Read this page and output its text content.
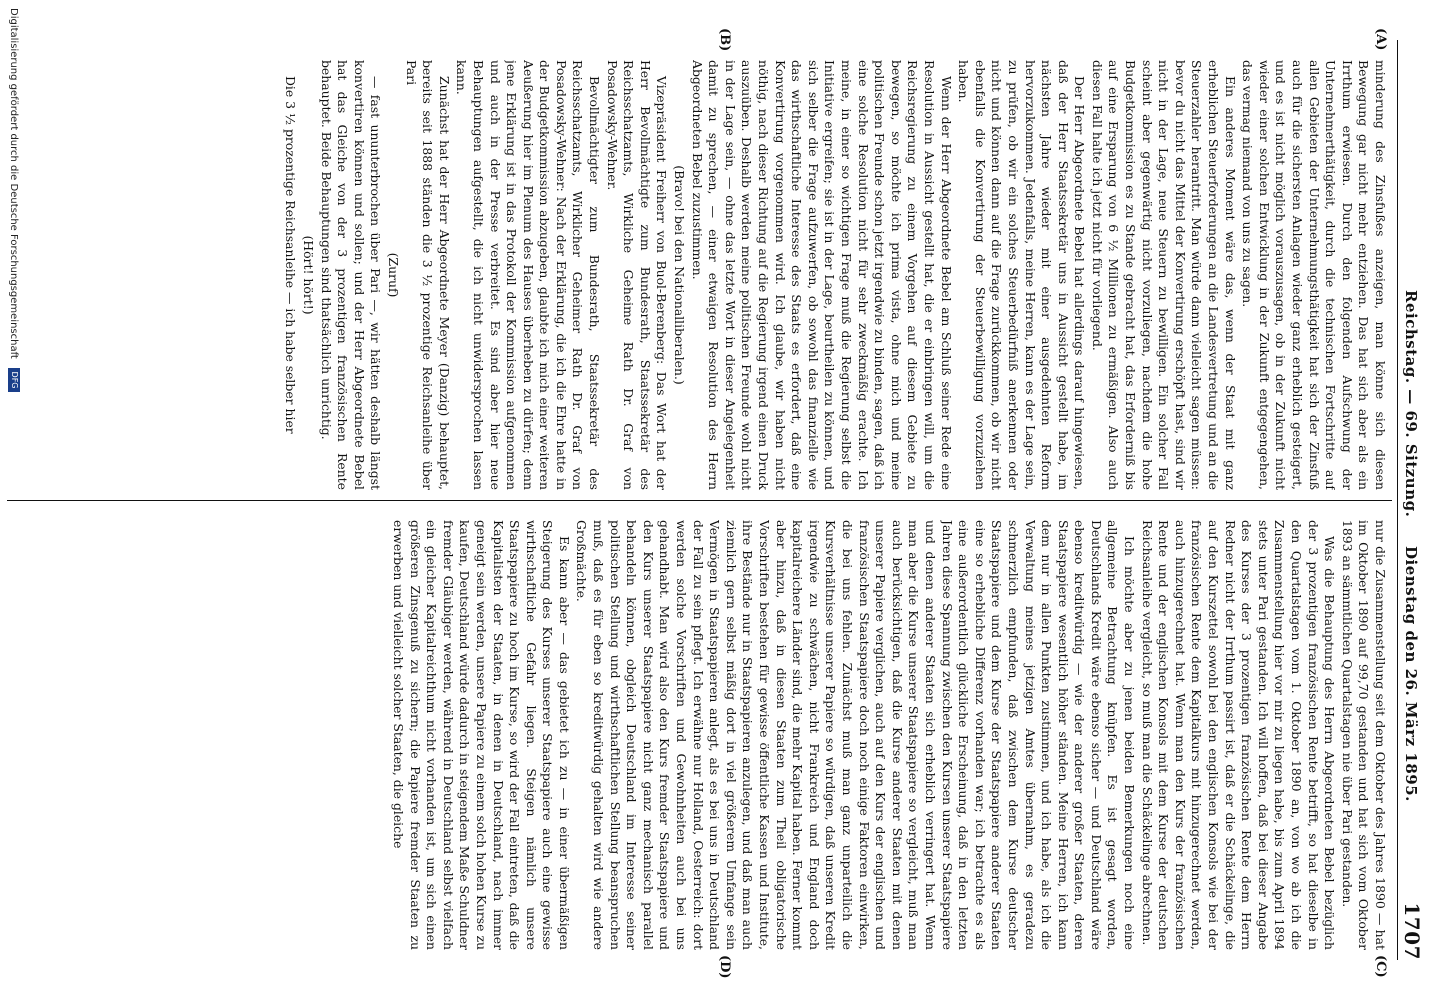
Reichstag. — 69. Sitzung.
Dienstag den 26. März 1895.
1707
(A)
(B)
(C)
(D)

minderung des Zinsfußes anzeigen, man könne sich diesen Bewegung gar nicht mehr entziehen. Das hat sich aber als ein Irrthum erwiesen. Durch den folgenden Aufschwung der Unternehmerthätigkeit, durch die technischen Fortschritte auf allen Gebieten der Unternehmungsthätigkeit hat sich der Zinsfuß auch für die sichersten Anlagen wieder ganz erheblich gesteigert, und es ist nicht möglich vorauszusagen, ob in der Zukunft nicht wieder einer solchen Entwicklung in der Zukunft entgegengehen, das vermag niemand von uns zu sagen.

Ein anderes Moment wäre das, wenn der Staat mit ganz erheblichen Steuerforderungen an die Landesvertretung und an die Steuerzahler herantritt. Man würde dann vielleicht sagen müssen: bevor du nicht das Mittel der Konvertirung erschöpft hast, sind wir nicht in der Lage, neue Steuern zu bewilligen. Ein solcher Fall scheint aber gegenwärtig nicht vorzuliegen, nachdem die hohe Budgetkommission es zu Stande gebracht hat, das Erforderniß bis auf eine Ersparung von 6 ½ Millionen zu ermäßigen. Also auch diesen Fall halte ich jetzt nicht für vorliegend.

Der Herr Abgeordnete Bebel hat allerdings darauf hingewiesen, daß der Herr Staatssekretär uns in Aussicht gestellt habe, im nächsten Jahre wieder mit einer ausgedehnten Reform hervorzukommen. Jedenfalls, meine Herren, kann es der Lage sein, zu prüfen, ob wir ein solches Steuerbedürfniß anerkennen oder nicht und können dann auf die Frage zurückkommen, ob wir nicht ebenfalls die Konvertirung der Steuerbewilligung vorzuziehen haben.

Wenn der Herr Abgeordnete Bebel am Schluß seiner Rede eine Resolution in Aussicht gestellt hat, die er einbringen will, um die Reichsregierung zu einem Vorgehen auf diesem Gebiete zu bewegen, so möchte ich prima vista, ohne mich und meine politischen Freunde schon jetzt irgendwie zu binden, sagen, daß ich eine solche Resolution nicht für sehr zweckmäßig erachte. Ich meine, in einer so wichtigen Frage muß die Regierung selbst die Initiative ergreifen; sie ist in der Lage, beurtheilen zu können, und sich selber die Frage aufzuwerfen, ob sowohl das finanzielle wie das wirthschaftliche Interesse des Staats es erfordert, daß eine Konvertirung vorgenommen wird. Ich glaube, wir haben nicht nöthig, nach dieser Richtung auf die Regierung irgend einen Druck auszuüben. Deshalb werden meine politischen Freunde wohl nicht in der Lage sein, — ohne das letzte Wort in dieser Angelegenheit damit zu sprechen, — einer etwaigen Resolution des Herrn Abgeordneten Bebel zuzustimmen.

(Bravo! bei den Nationalliberalen.)

Vizepräsident Freiherr von Buol-Berenberg: Das Wort hat der Herr Bevollmächtigte zum Bundesrath, Staatssekretär des Reichsschatzamts, Wirkliche Geheime Rath Dr. Graf von Posadowsky-Wehner.

Bevollmächtigter zum Bundesrath, Staatssekretär des Reichsschatzamts, Wirklicher Geheimer Rath Dr. Graf von Posadowsky-Wehner: Nach der Erklärung, die ich die Ehre hatte in der Budgetkommission abzugeben, glaubte ich mich einer weiteren Aeußerung hier im Plenum des Hauses überheben zu dürfen; denn jene Erklärung ist in das Protokoll der Kommission aufgenommen und auch in der Presse verbreitet. Es sind aber hier neue Behauptungen aufgestellt, die ich nicht unwidersprochen lassen kann.

Zunächst hat der Herr Abgeordnete Meyer (Danzig) behauptet, bereits seit 1888 ständen die 3 ½ prozentige Reichsanleihe über Pari

(Zuruf)

— fast ununterbrochen über Pari —, wir hätten deshalb längst konvertiren können und sollen; und der Herr Abgeordnete Bebel hat das Gleiche von der 3 prozentigen französischen Rente behauptet. Beide Behauptungen sind thatsächlich unrichtig.

(Hört! hört!)

Die 3 ½ prozentige Reichsanleihe — ich habe selber hier

nur die Zusammenstellung seit dem Oktober des Jahres 1890 — hat im Oktober 1890 auf 99,70 gestanden und hat sich vom Oktober 1893 an sämmtlichen Quartalstagen nie über Pari gestanden.

Was die Behauptung des Herrn Abgeordneten Bebel bezüglich der 3 prozentigen französischen Rente betrifft, so hat dieselbe in den Quartalstagen vom 1. Oktober 1890 an, von wo ab ich die Zusammenstellung hier vor mir zu liegen habe, bis zum April 1894 stets unter Pari gestanden. Ich will hoffen, daß bei dieser Angabe des Kurses der 3 prozentigen französischen Rente dem Herrn Redner nicht der Irrthum passirt ist, daß er die Schäckelinge, die auf den Kurszettel sowohl bei den englischen Konsols wie bei der französischen Rente dem Kapitalkurs mit hinzugerechnet werden, auch hinzugerechnet hat. Wenn man den Kurs der französischen Rente und der englischen Konsols mit dem Kurse der deutschen Reichsanleihe vergleicht, so muß man die Schäckelinge abrechnen.

Ich möchte aber zu jenen beiden Bemerkungen noch eine allgemeine Betrachtung knüpfen. Es ist gesagt worden, Deutschlands Kredit wäre ebenso sicher — und Deutschland wäre ebenso kreditwürdig — wie der anderer großer Staaten, deren Staatspapiere wesentlich höher ständen. Meine Herren, ich kann dem nur in allen Punkten zustimmen, und ich habe, als ich die Verwaltung meines jetzigen Amtes übernahm, es geradezu schmerzlich empfunden, daß zwischen dem Kurse deutscher Staatspapiere und dem Kurse der Staatspapiere anderer Staaten eine so erhebliche Differenz vorhanden war; ich betrachte es als eine außerordentlich glückliche Erscheinung, daß in den letzten Jahren diese Spannung zwischen den Kursen unserer Staatspapiere und denen anderer Staaten sich erheblich verringert hat. Wenn man aber die Kurse unserer Staatspapiere so vergleicht, muß man auch berücksichtigen, daß die Kurse anderer Staaten mit denen unserer Papiere verglichen, auch auf den Kurs der englischen und französischen Staatspapiere doch noch einige Faktoren einwirken, die bei uns fehlen. Zunächst muß man ganz unparteilich die Kursverhältnisse unserer Papiere so würdigen, daß unseren Kredit irgendwie zu schwächen, nicht Frankreich und England doch kapitalreichere Länder sind, die mehr Kapital haben. Ferner kommt aber hinzu, daß in diesen Staaten zum Theil obligatorische Vorschriften bestehen für gewisse öffentliche Kassen und Institute, ihre Bestände nur in Staatspapieren anzulegen, und daß man auch ziemlich gern selbst mäßig dort in viel größerem Umfange sein Vermögen in Staatspapieren anlegt, als es bei uns in Deutschland der Fall zu sein pflegt. Ich erwähne nur Holland, Oesterreich: dort werden solche Vorschriften und Gewohnheiten auch bei uns gehandhabt. Man wird also den Kurs fremder Staatspapiere und den Kurs unserer Staatspapiere nicht ganz mechanisch parallel behandeln können, obgleich Deutschland im Interesse seiner politischen Stellung und wirthschaftlichen Stellung beanspruchen muß, daß es für eben so kreditwürdig gehalten wird wie andere Großmächte.

Es kann aber — das gebietet ich zu — in einer übermäßigen Steigerung des Kurses unserer Staatspapiere auch eine gewisse wirthschaftliche Gefahr liegen. Steigen nämlich unsere Staatspapiere zu hoch im Kurse, so wird der Fall eintreten, daß die Kapitalisten der Staaten, in denen in Deutschland, nach immer geneigt sein werden, unsere Papiere zu einem solch hohen Kurse zu kaufen, Deutschland würde dadurch in steigendem Maße Schuldner fremder Gläubiger werden, während in Deutschland selbst vielfach ein gleicher Kapitalreichthum nicht vorhanden ist, um sich einen größeren Zinsgenuß zu sichern; die Papiere fremder Staaten zu erwerben und vielleicht solcher Staaten, die gleiche

Digitalisierung gefördert durch die Deutsche Forschungsgemeinschaft DFG
